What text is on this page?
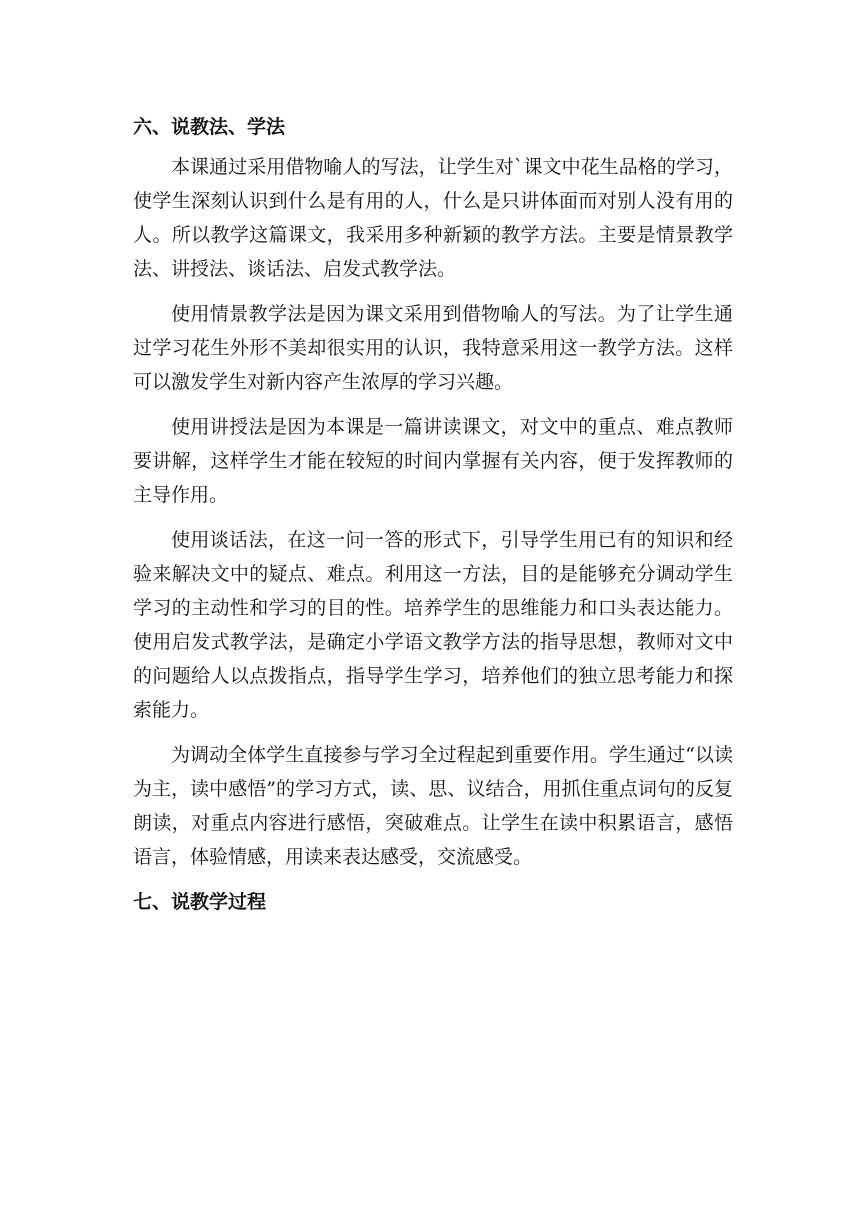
六、说教法、学法

本课通过采用借物喻人的写法，让学生对`课文中花生品格的学习，使学生深刻认识到什么是有用的人，什么是只讲体面而对别人没有用的人。所以教学这篇课文，我采用多种新颖的教学方法。主要是情景教学法、讲授法、谈话法、启发式教学法。

使用情景教学法是因为课文采用到借物喻人的写法。为了让学生通过学习花生外形不美却很实用的认识，我特意采用这一教学方法。这样可以激发学生对新内容产生浓厚的学习兴趣。

使用讲授法是因为本课是一篇讲读课文，对文中的重点、难点教师要讲解，这样学生才能在较短的时间内掌握有关内容，便于发挥教师的主导作用。

使用谈话法，在这一问一答的形式下，引导学生用已有的知识和经验来解决文中的疑点、难点。利用这一方法，目的是能够充分调动学生学习的主动性和学习的目的性。培养学生的思维能力和口头表达能力。使用启发式教学法，是确定小学语文教学方法的指导思想，教师对文中的问题给人以点拨指点，指导学生学习，培养他们的独立思考能力和探索能力。

为调动全体学生直接参与学习全过程起到重要作用。学生通过“以读为主，读中感悟”的学习方式，读、思、议结合，用抓住重点词句的反复朗读，对重点内容进行感悟，突破难点。让学生在读中积累语言，感悟语言，体验情感，用读来表达感受，交流感受。

七、说教学过程
